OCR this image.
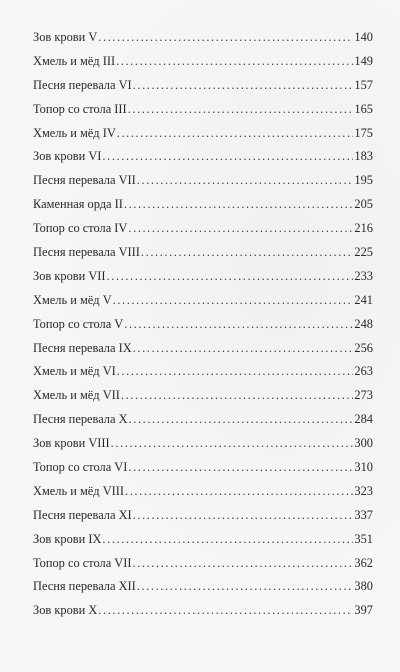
Зов крови V .....	140
Хмель и мёд III .....	149
Песня перевала VI .....	157
Топор со стола III .....	165
Хмель и мёд IV .....	175
Зов крови VI .....	183
Песня перевала VII .....	195
Каменная орда II .....	205
Топор со стола IV .....	216
Песня перевала VIII .....	225
Зов крови VII .....	233
Хмель и мёд V .....	241
Топор со стола V .....	248
Песня перевала IX .....	256
Хмель и мёд VI .....	263
Хмель и мёд VII .....	273
Песня перевала X .....	284
Зов крови VIII .....	300
Топор со стола VI .....	310
Хмель и мёд VIII .....	323
Песня перевала XI .....	337
Зов крови IX .....	351
Топор со стола VII .....	362
Песня перевала XII .....	380
Зов крови X .....	397
